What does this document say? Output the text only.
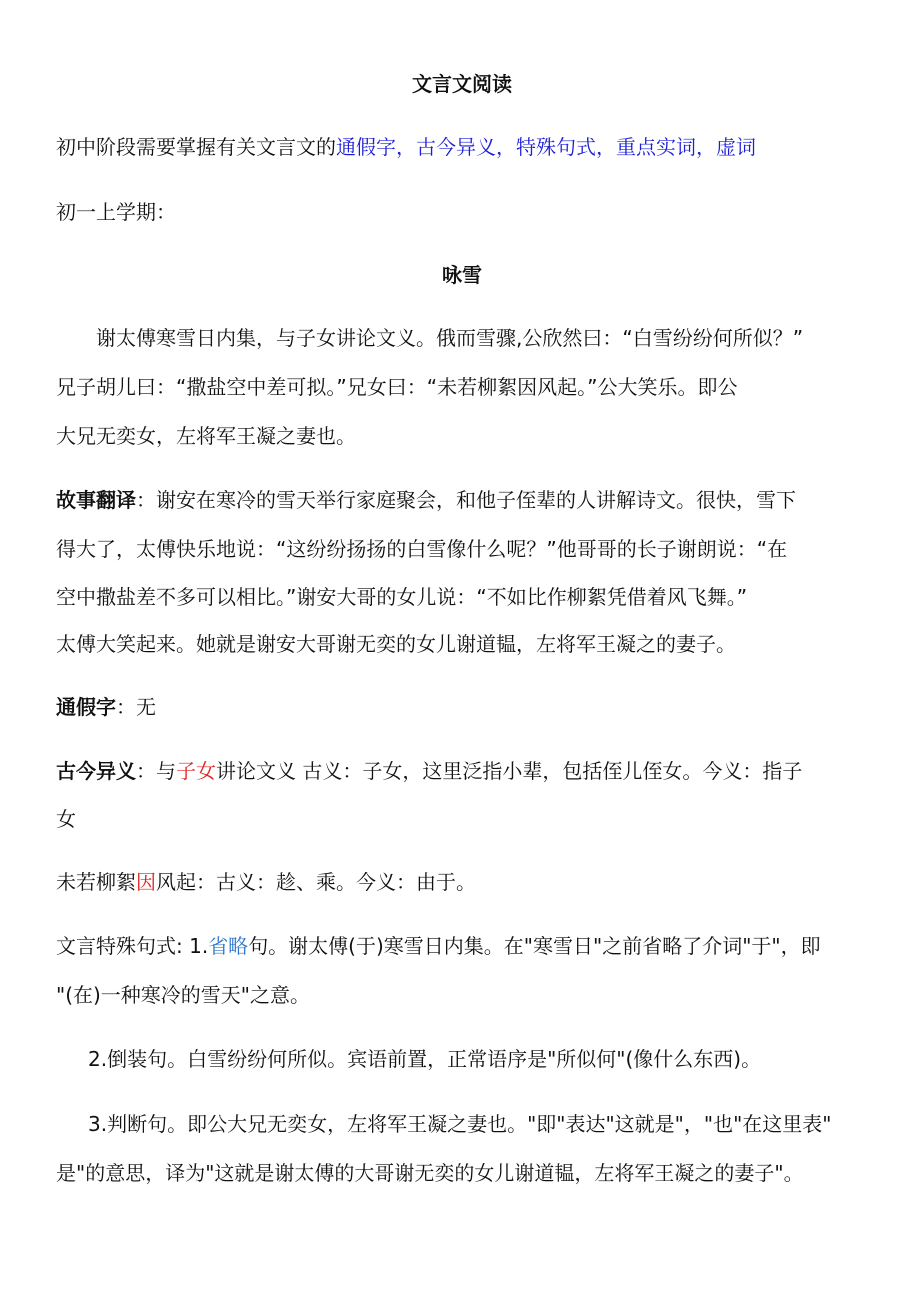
文言文阅读
初中阶段需要掌握有关文言文的通假字，古今异义，特殊句式，重点实词，虚词
初一上学期：
咏雪
谢太傅寒雪日内集，与子女讲论文义。俄而雪骤,公欣然曰：“白雪纷纷何所似？”
兄子胡儿曰：“撒盐空中差可拟。”兄女曰：“未若柳絮因风起。”公大笑乐。即公
大兄无奕女，左将军王凝之妻也。
故事翻译：谢安在寒冷的雪天举行家庭聚会，和他子侄辈的人讲解诗文。很快，雪下
得大了，太傅快乐地说：“这纷纷扬扬的白雪像什么呢？”他哥哥的长子谢朗说：“在
空中撒盐差不多可以相比。”谢安大哥的女儿说：“不如比作柳絮凭借着风飞舞。”
太傅大笑起来。她就是谢安大哥谢无奕的女儿谢道韫，左将军王凝之的妻子。
通假字：无
古今异义：与子女讲论文义 古义：子女，这里泛指小辈，包括侄儿侄女。今义：指子
女
未若柳絮因风起：古义：趁、乘。今义：由于。
文言特殊句式: 1.省略句。谢太傅(于)寒雪日内集。在"寒雪日"之前省略了介词"于"，即
"(在)一种寒冷的雪天"之意。
2.倒装句。白雪纷纷何所似。宾语前置，正常语序是"所似何"(像什么东西)。
3.判断句。即公大兄无奕女，左将军王凝之妻也。"即"表达"这就是"，"也"在这里表"
是"的意思，译为"这就是谢太傅的大哥谢无奕的女儿谢道韫，左将军王凝之的妻子"。
